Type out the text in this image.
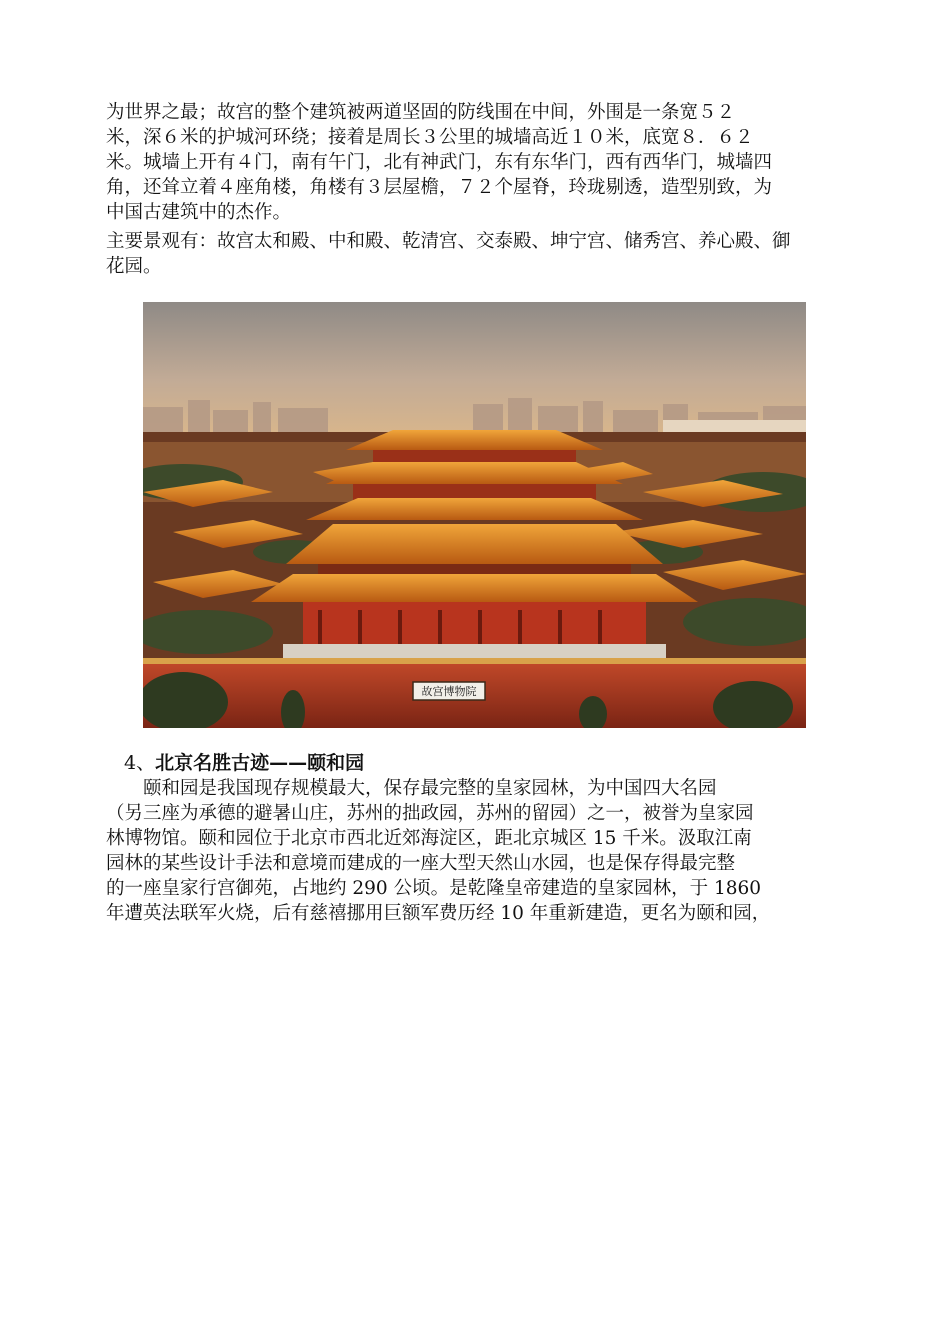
为世界之最；故宫的整个建筑被两道坚固的防线围在中间，外围是一条宽５２
米，深６米的护城河环绕；接着是周长３公里的城墙高近１０米，底宽８．６２
米。城墙上开有４门，南有午门，北有神武门，东有东华门，西有西华门，城墙四
角，还耸立着４座角楼，角楼有３层屋檐，７２个屋脊，玲珑剔透，造型别致，为
中国古建筑中的杰作。
主要景观有：故宫太和殿、中和殿、乾清宫、交泰殿、坤宁宫、储秀宫、养心殿、御
花园。
故宫博物院
4、北京名胜古迹——颐和园
颐和园是我国现存规模最大，保存最完整的皇家园林，为中国四大名园
（另三座为承德的避暑山庄，苏州的拙政园，苏州的留园）之一，被誉为皇家园
林博物馆。颐和园位于北京市西北近郊海淀区，距北京城区 15 千米。汲取江南
园林的某些设计手法和意境而建成的一座大型天然山水园，也是保存得最完整
的一座皇家行宫御苑，占地约 290 公顷。是乾隆皇帝建造的皇家园林，于 1860
年遭英法联军火烧，后有慈禧挪用巨额军费历经 10 年重新建造，更名为颐和园，
